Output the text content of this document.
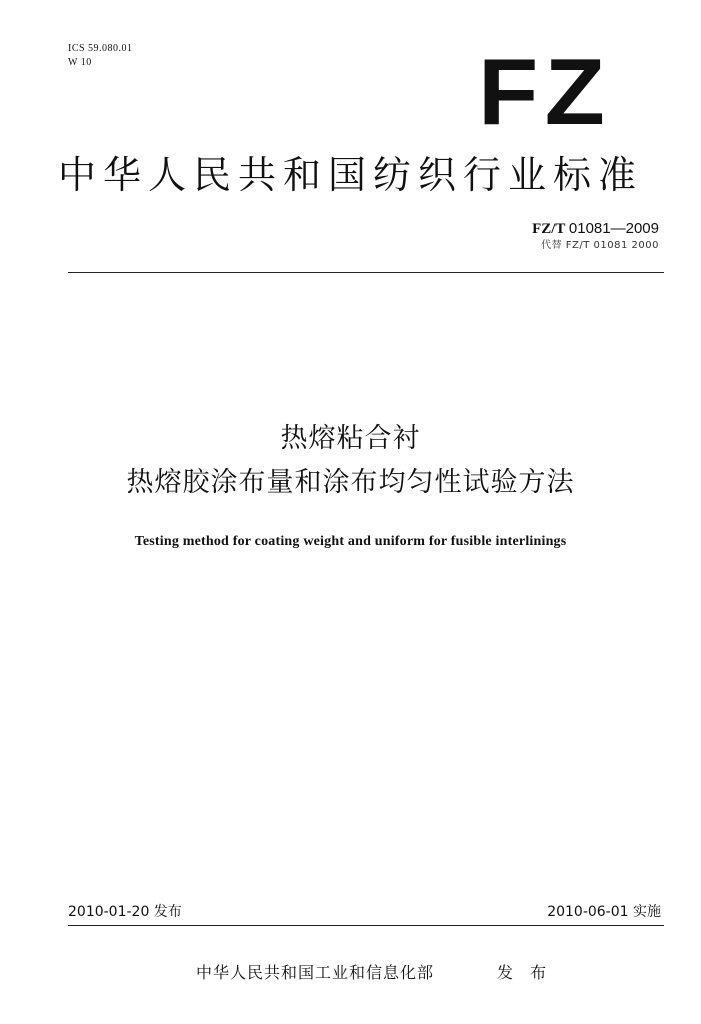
ICS 59.080.01
W 10	FZ
中华人民共和国纺织行业标准
FZ/T 01081—2009
代替 FZ/T 01081 2000
热熔粘合衬
热熔胶涂布量和涂布均匀性试验方法
Testing method for coating weight and uniform for fusible interlinings
2010-01-20 发布	2010-06-01 实施
中华人民共和国工业和信息化部	发 布
